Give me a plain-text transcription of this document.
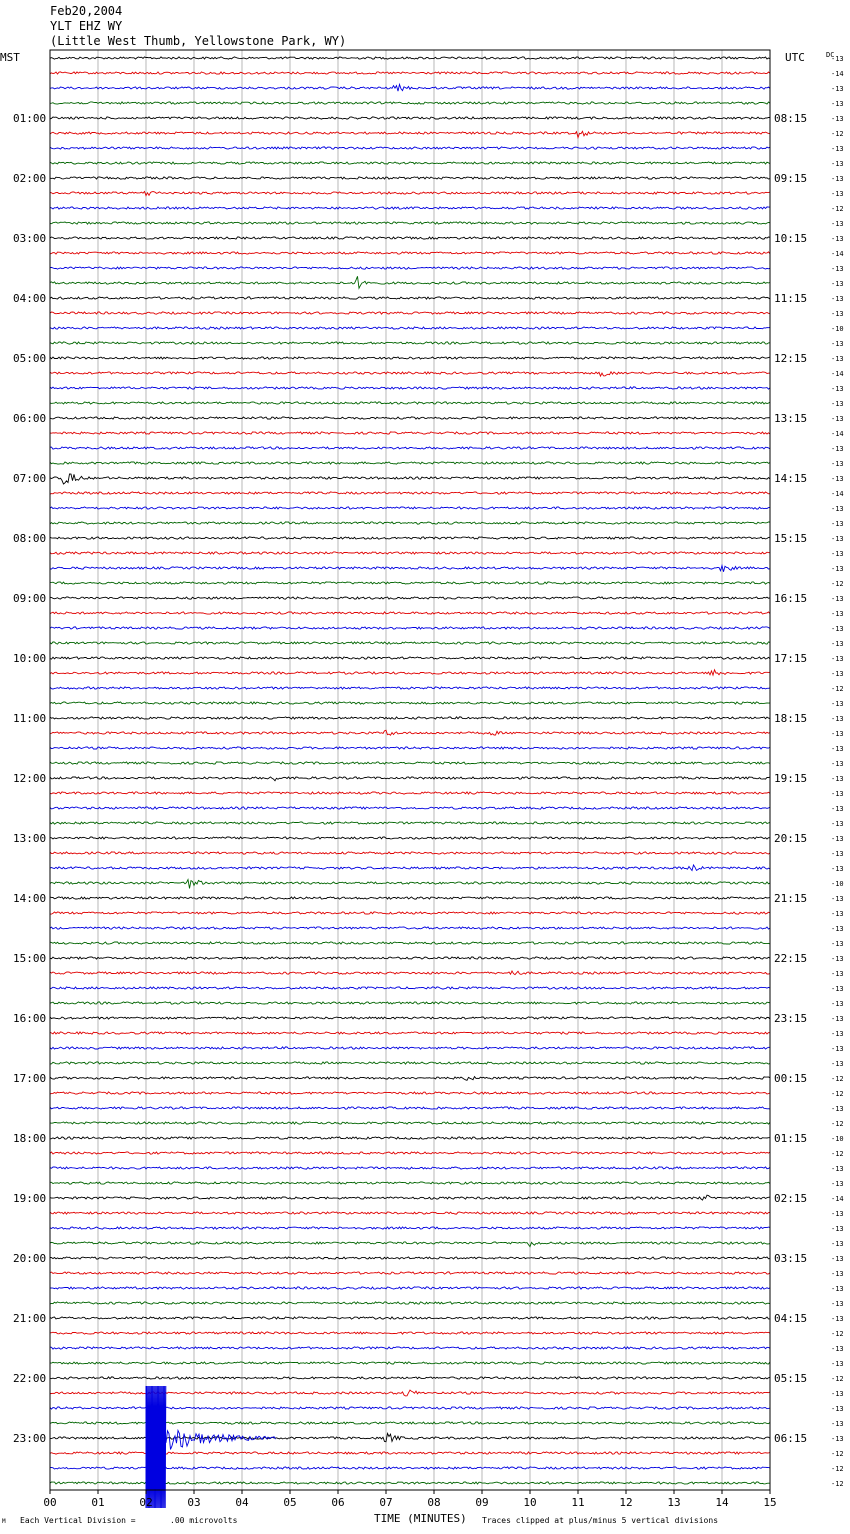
Feb20,2004
YLT EHZ WY
(Little West Thumb, Yellowstone Park, WY)
MST	UTC	DC
01:00
02:00
03:00
04:00
05:00
06:00
07:00
08:00
09:00
10:00
11:00
12:00
13:00
14:00
15:00
16:00
17:00
18:00
19:00
20:00
21:00
22:00
23:00
08:15
09:15
10:15
11:15
12:15
13:15
14:15
15:15
16:15
17:15
18:15
19:15
20:15
21:15
22:15
23:15
00:15
01:15
02:15
03:15
04:15
05:15
06:15
-13
-14
-13
-13
-13
-12
-13
-13
-13
-13
-12
-13
-13
-14
-13
-13
-13
-13
-10
-13
-13
-14
-13
-13
-13
-14
-13
-13
-13
-14
-13
-13
-13
-13
-13
-12
-13
-13
-13
-13
-13
-13
-12
-13
-13
-13
-13
-13
-13
-13
-13
-13
-13
-13
-13
-10
-13
-13
-13
-13
-13
-13
-13
-13
-13
-13
-13
-13
-12
-12
-13
-12
-10
-12
-13
-13
-14
-13
-13
-13
-13
-13
-13
-13
-13
-12
-13
-13
-12
-13
-13
-13
-13
-12
-12
-12
00	01	02	03	04	05	06	07	08	09	10	11	12	13	14	15
TIME (MINUTES)
Each Vertical Division =	.00 microvolts	Traces clipped at plus/minus 5 vertical divisions
M
